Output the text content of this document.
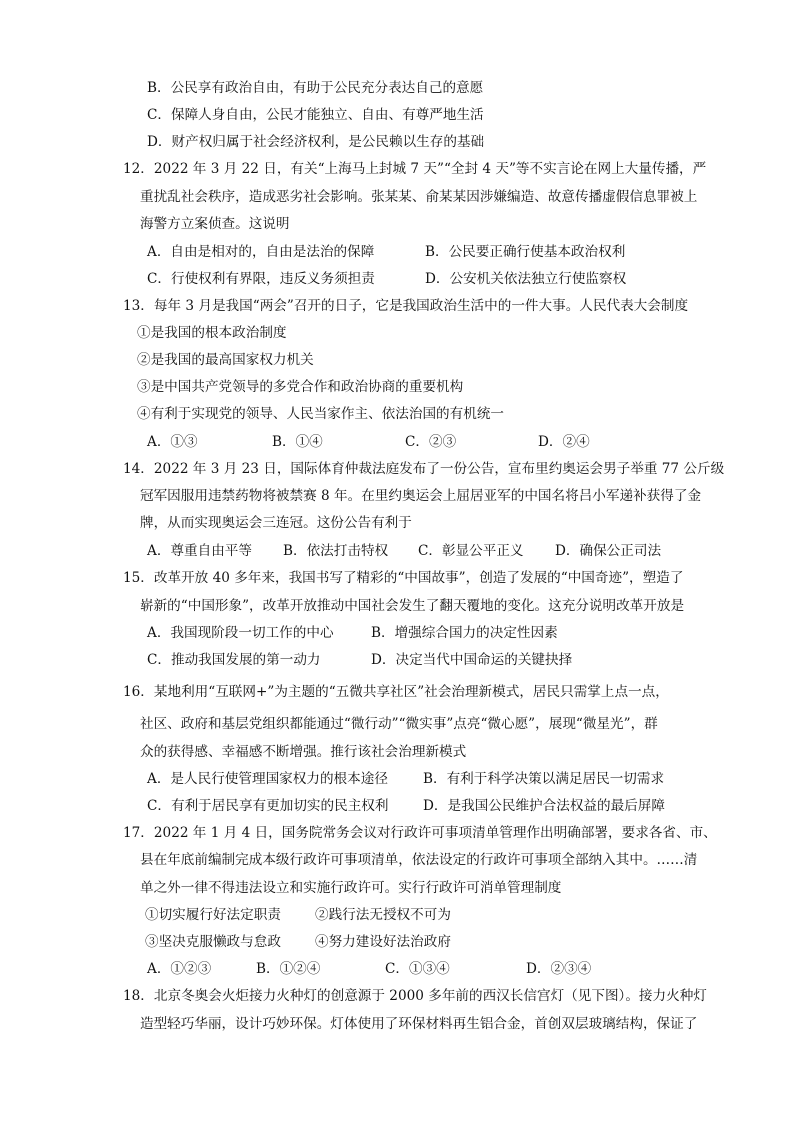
B．公民享有政治自由，有助于公民充分表达自己的意愿
C．保障人身自由，公民才能独立、自由、有尊严地生活
D．财产权归属于社会经济权利，是公民赖以生存的基础
12．2022 年 3 月 22 日，有关“上海马上封城 7 天”“全封 4 天”等不实言论在网上大量传播，严
重扰乱社会秩序，造成恶劣社会影响。张某某、俞某某因涉嫌编造、故意传播虚假信息罪被上
海警方立案侦查。这说明
A．自由是相对的，自由是法治的保障	B．公民要正确行使基本政治权利
C．行使权利有界限，违反义务须担责	D．公安机关依法独立行使监察权
13．每年 3 月是我国“两会”召开的日子，它是我国政治生活中的一件大事。人民代表大会制度
①是我国的根本政治制度
②是我国的最高国家权力机关
③是中国共产党领导的多党合作和政治协商的重要机构
④有利于实现党的领导、人民当家作主、依法治国的有机统一
A．①③	B．①④	C．②③	D．②④
14．2022 年 3 月 23 日，国际体育仲裁法庭发布了一份公告，宣布里约奥运会男子举重 77 公斤级
冠军因服用违禁药物将被禁赛 8 年。在里约奥运会上屈居亚军的中国名将吕小军递补获得了金
牌，从而实现奥运会三连冠。这份公告有利于
A．尊重自由平等 B．依法打击特权 C．彰显公平正义 D．确保公正司法
15．改革开放 40 多年来，我国书写了精彩的“中国故事”，创造了发展的“中国奇迹”，塑造了
崭新的“中国形象”，改革开放推动中国社会发生了翻天覆地的变化。这充分说明改革开放是
A．我国现阶段一切工作的中心	B．增强综合国力的决定性因素
C．推动我国发展的第一动力	D．决定当代中国命运的关键抉择
16．某地利用“互联网+”为主题的“五微共享社区”社会治理新模式，居民只需掌上点一点，
社区、政府和基层党组织都能通过“微行动”“微实事”点亮“微心愿”，展现“微星光”，群
众的获得感、幸福感不断增强。推行该社会治理新模式
A．是人民行使管理国家权力的根本途径	B．有利于科学决策以满足居民一切需求
C．有利于居民享有更加切实的民主权利	D．是我国公民维护合法权益的最后屏障
17．2022 年 1 月 4 日，国务院常务会议对行政许可事项清单管理作出明确部署，要求各省、市、
县在年底前编制完成本级行政许可事项清单，依法设定的行政许可事项全部纳入其中。……清
单之外一律不得违法设立和实施行政许可。实行行政许可消单管理制度
①切实履行好法定职责	②践行法无授权不可为
③坚决克服懒政与怠政	④努力建设好法治政府
A．①②③	B．①②④	C．①③④	D．②③④
18．北京冬奥会火炬接力火种灯的创意源于 2000 多年前的西汉长信宫灯（见下图）。接力火种灯
造型轻巧华丽，设计巧妙环保。灯体使用了环保材料再生铝合金，首创双层玻璃结构，保证了
